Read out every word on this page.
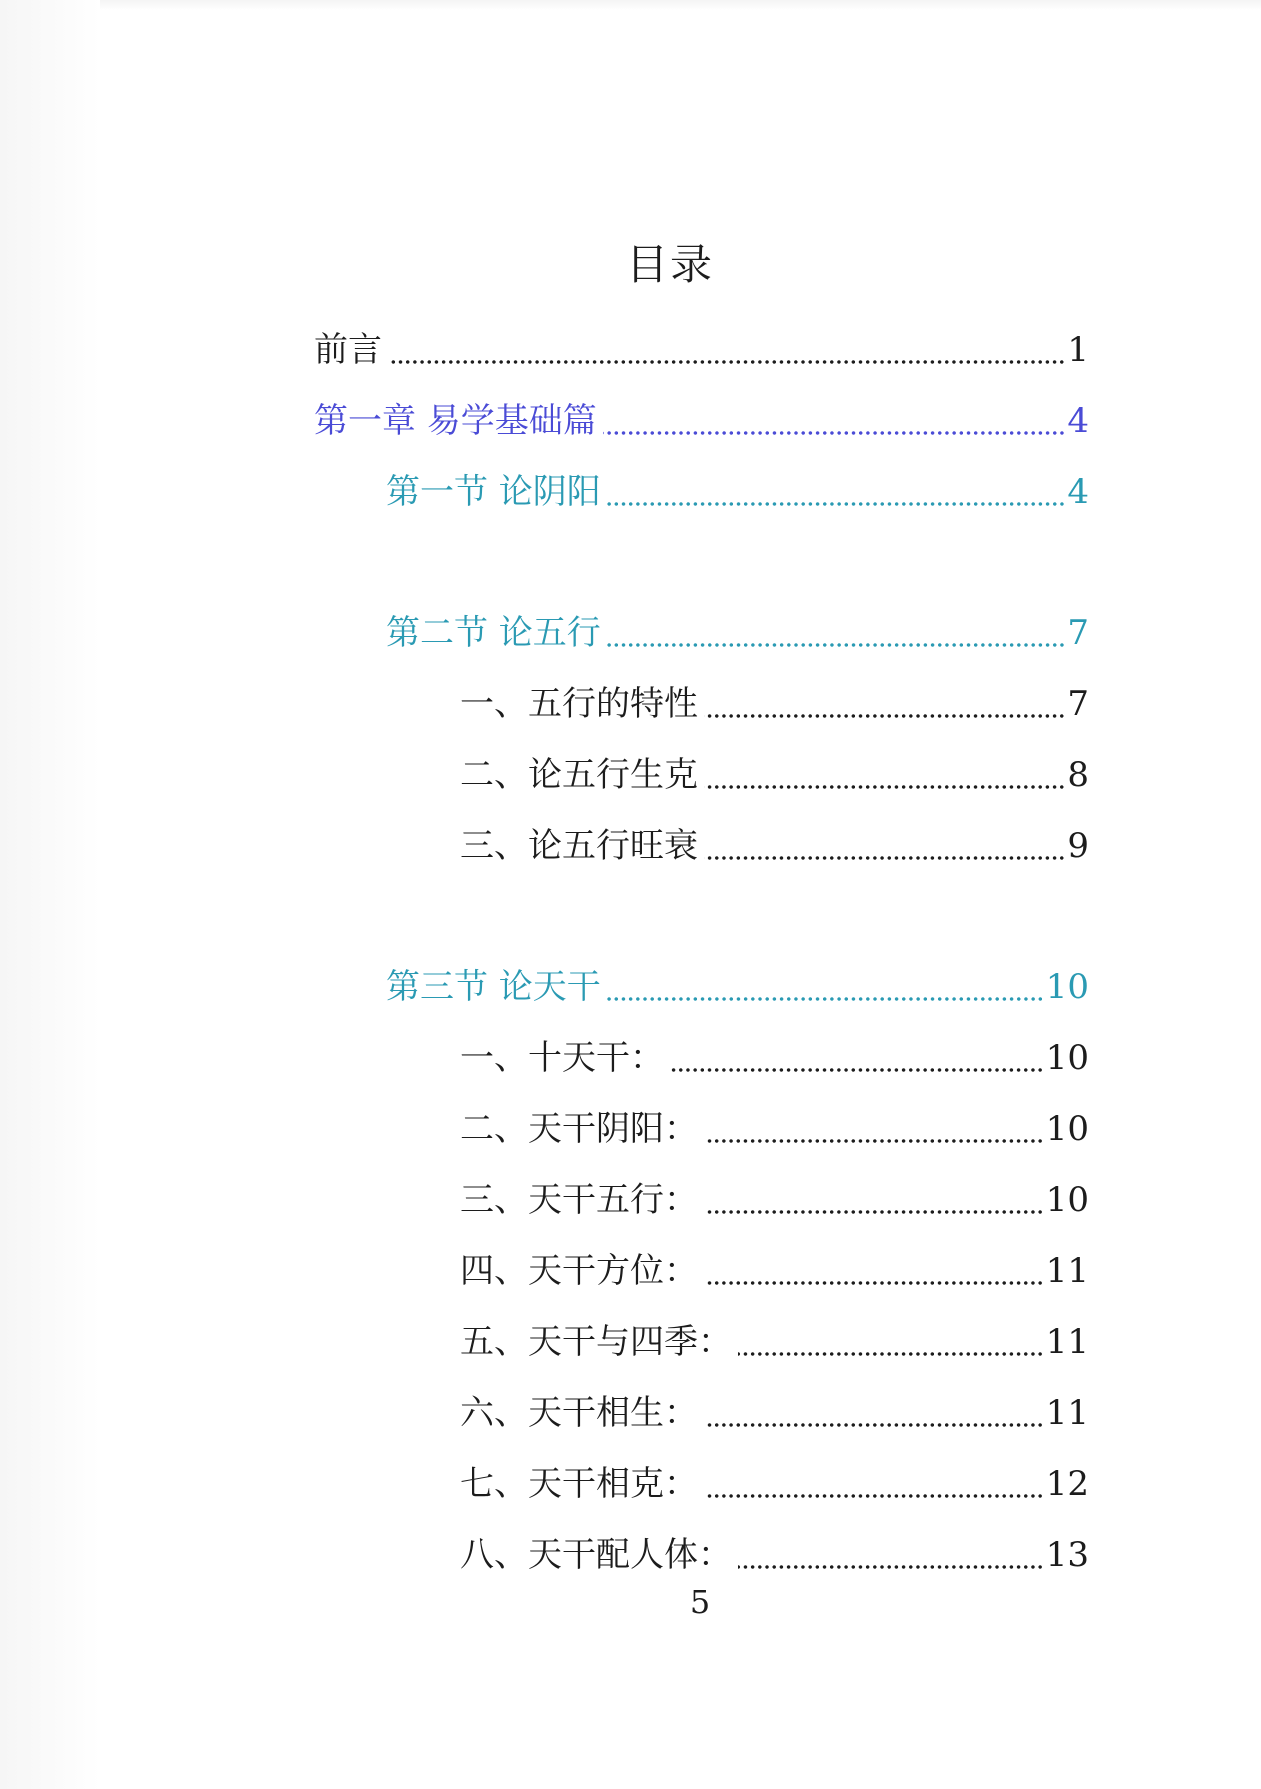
目录
前言	1
第一章 易学基础篇	4
第一节 论阴阳	4
第二节 论五行	7
一、五行的特性	7
二、论五行生克	8
三、论五行旺衰	9
第三节 论天干	10
一、十天干：	10
二、天干阴阳：	10
三、天干五行：	10
四、天干方位：	11
五、天干与四季：	11
六、天干相生：	11
七、天干相克：	12
八、天干配人体：	13
5
